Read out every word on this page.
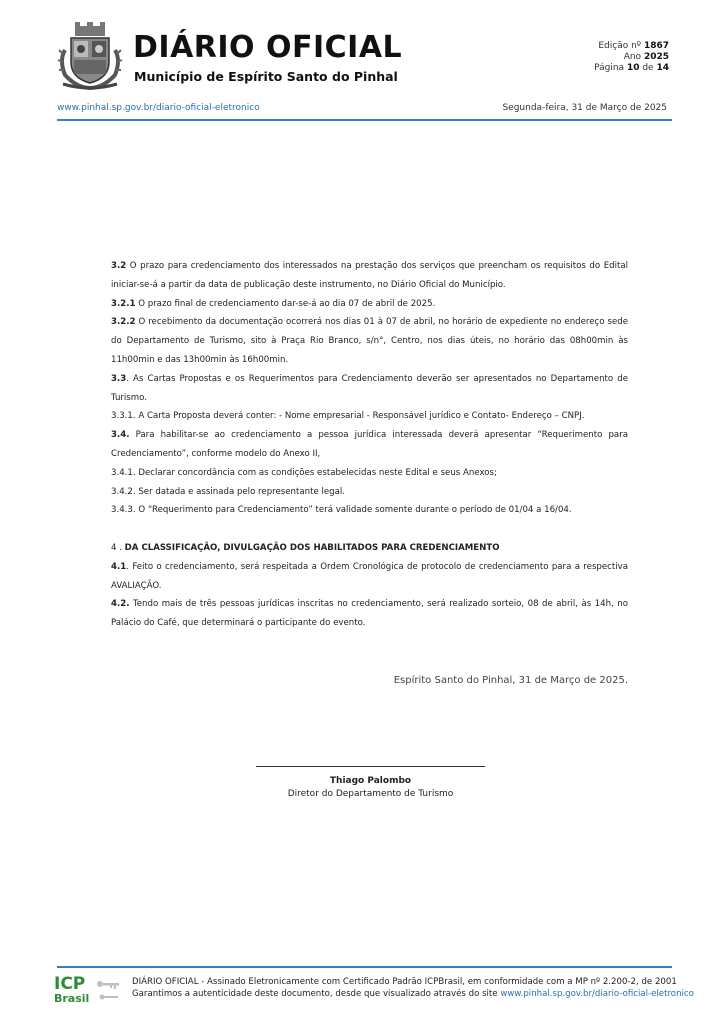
DIÁRIO OFICIAL
Município de Espírito Santo do Pinhal
Edição nº 1867
Ano 2025
Página 10 de 14
www.pinhal.sp.gov.br/diario-oficial-eletronico	Segunda-feira, 31 de Março de 2025

3.2 O prazo para credenciamento dos interessados na prestação dos serviços que preencham os requisitos do Edital iniciar-se-á a partir da data de publicação deste instrumento, no Diário Oficial do Município.

3.2.1 O prazo final de credenciamento dar-se-á ao dia 07 de abril de 2025.

3.2.2 O recebimento da documentação ocorrerá nos dias 01 à 07 de abril, no horário de expediente no endereço sede do Departamento de Turismo, sito à Praça Rio Branco, s/n°, Centro, nos dias úteis, no horário das 08h00min às 11h00min e das 13h00min às 16h00min.

3.3. As Cartas Propostas e os Requerimentos para Credenciamento deverão ser apresentados no Departamento de Turismo.

3.3.1. A Carta Proposta deverá conter: - Nome empresarial - Responsável jurídico e Contato- Endereço – CNPJ.

3.4. Para habilitar-se ao credenciamento a pessoa jurídica interessada deverá apresentar “Requerimento para Credenciamento”, conforme modelo do Anexo II,

3.4.1. Declarar concordância com as condições estabelecidas neste Edital e seus Anexos;

3.4.2. Ser datada e assinada pelo representante legal.

3.4.3. O “Requerimento para Credenciamento” terá validade somente durante o período de 01/04 a 16/04.

4 . DA CLASSIFICAÇÃO, DIVULGAÇÃO DOS HABILITADOS PARA CREDENCIAMENTO

4.1. Feito o credenciamento, será respeitada a Ordem Cronológica de protocolo de credenciamento para a respectiva AVALIAÇÃO.

4.2. Tendo mais de três pessoas jurídicas inscritas no credenciamento, será realizado sorteio, 08 de abril, às 14h, no Palácio do Café, que determinará o participante do evento.

Espírito Santo do Pinhal, 31 de Março de 2025.
Thiago Palombo
Diretor do Departamento de Turismo
ICP
Brasil
DIÁRIO OFICIAL - Assinado Eletronicamente com Certificado Padrão ICPBrasil, em conformidade com a MP nº 2.200-2, de 2001
Garantimos a autenticidade deste documento, desde que visualizado através do site www.pinhal.sp.gov.br/diario-oficial-eletronico
